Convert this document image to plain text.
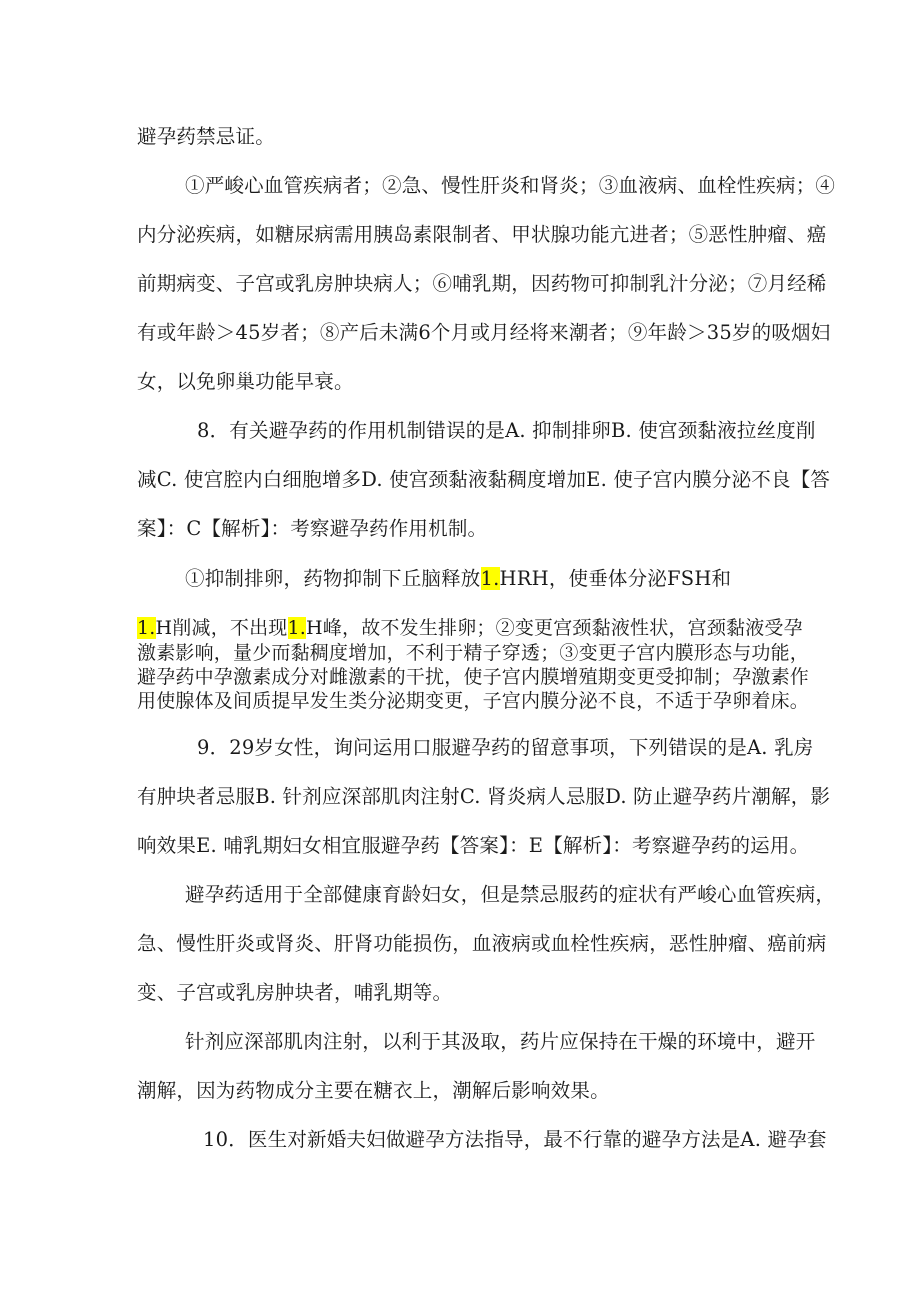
避孕药禁忌证。
①严峻心血管疾病者；②急、慢性肝炎和肾炎；③血液病、血栓性疾病；④
内分泌疾病，如糖尿病需用胰岛素限制者、甲状腺功能亢进者；⑤恶性肿瘤、癌
前期病变、子宫或乳房肿块病人；⑥哺乳期，因药物可抑制乳汁分泌；⑦月经稀
有或年龄＞45岁者；⑧产后未满6个月或月经将来潮者；⑨年龄＞35岁的吸烟妇
女，以免卵巢功能早衰。
8．有关避孕药的作用机制错误的是A. 抑制排卵B. 使宫颈黏液拉丝度削
减C. 使宫腔内白细胞增多D. 使宫颈黏液黏稠度增加E. 使子宫内膜分泌不良【答
案】：C【解析】：考察避孕药作用机制。
①抑制排卵，药物抑制下丘脑释放1.HRH，使垂体分泌FSH和
1.H削减，不出现1.H峰，故不发生排卵；②变更宫颈黏液性状，宫颈黏液受孕
激素影响，量少而黏稠度增加，不利于精子穿透；③变更子宫内膜形态与功能，
避孕药中孕激素成分对雌激素的干扰，使子宫内膜增殖期变更受抑制；孕激素作
用使腺体及间质提早发生类分泌期变更，子宫内膜分泌不良，不适于孕卵着床。
9．29岁女性，询问运用口服避孕药的留意事项，下列错误的是A. 乳房
有肿块者忌服B. 针剂应深部肌肉注射C. 肾炎病人忌服D. 防止避孕药片潮解，影
响效果E. 哺乳期妇女相宜服避孕药【答案】：E【解析】：考察避孕药的运用。
避孕药适用于全部健康育龄妇女，但是禁忌服药的症状有严峻心血管疾病，
急、慢性肝炎或肾炎、肝肾功能损伤，血液病或血栓性疾病，恶性肿瘤、癌前病
变、子宫或乳房肿块者，哺乳期等。
针剂应深部肌肉注射，以利于其汲取，药片应保持在干燥的环境中，避开
潮解，因为药物成分主要在糖衣上，潮解后影响效果。
10．医生对新婚夫妇做避孕方法指导，最不行靠的避孕方法是A. 避孕套
